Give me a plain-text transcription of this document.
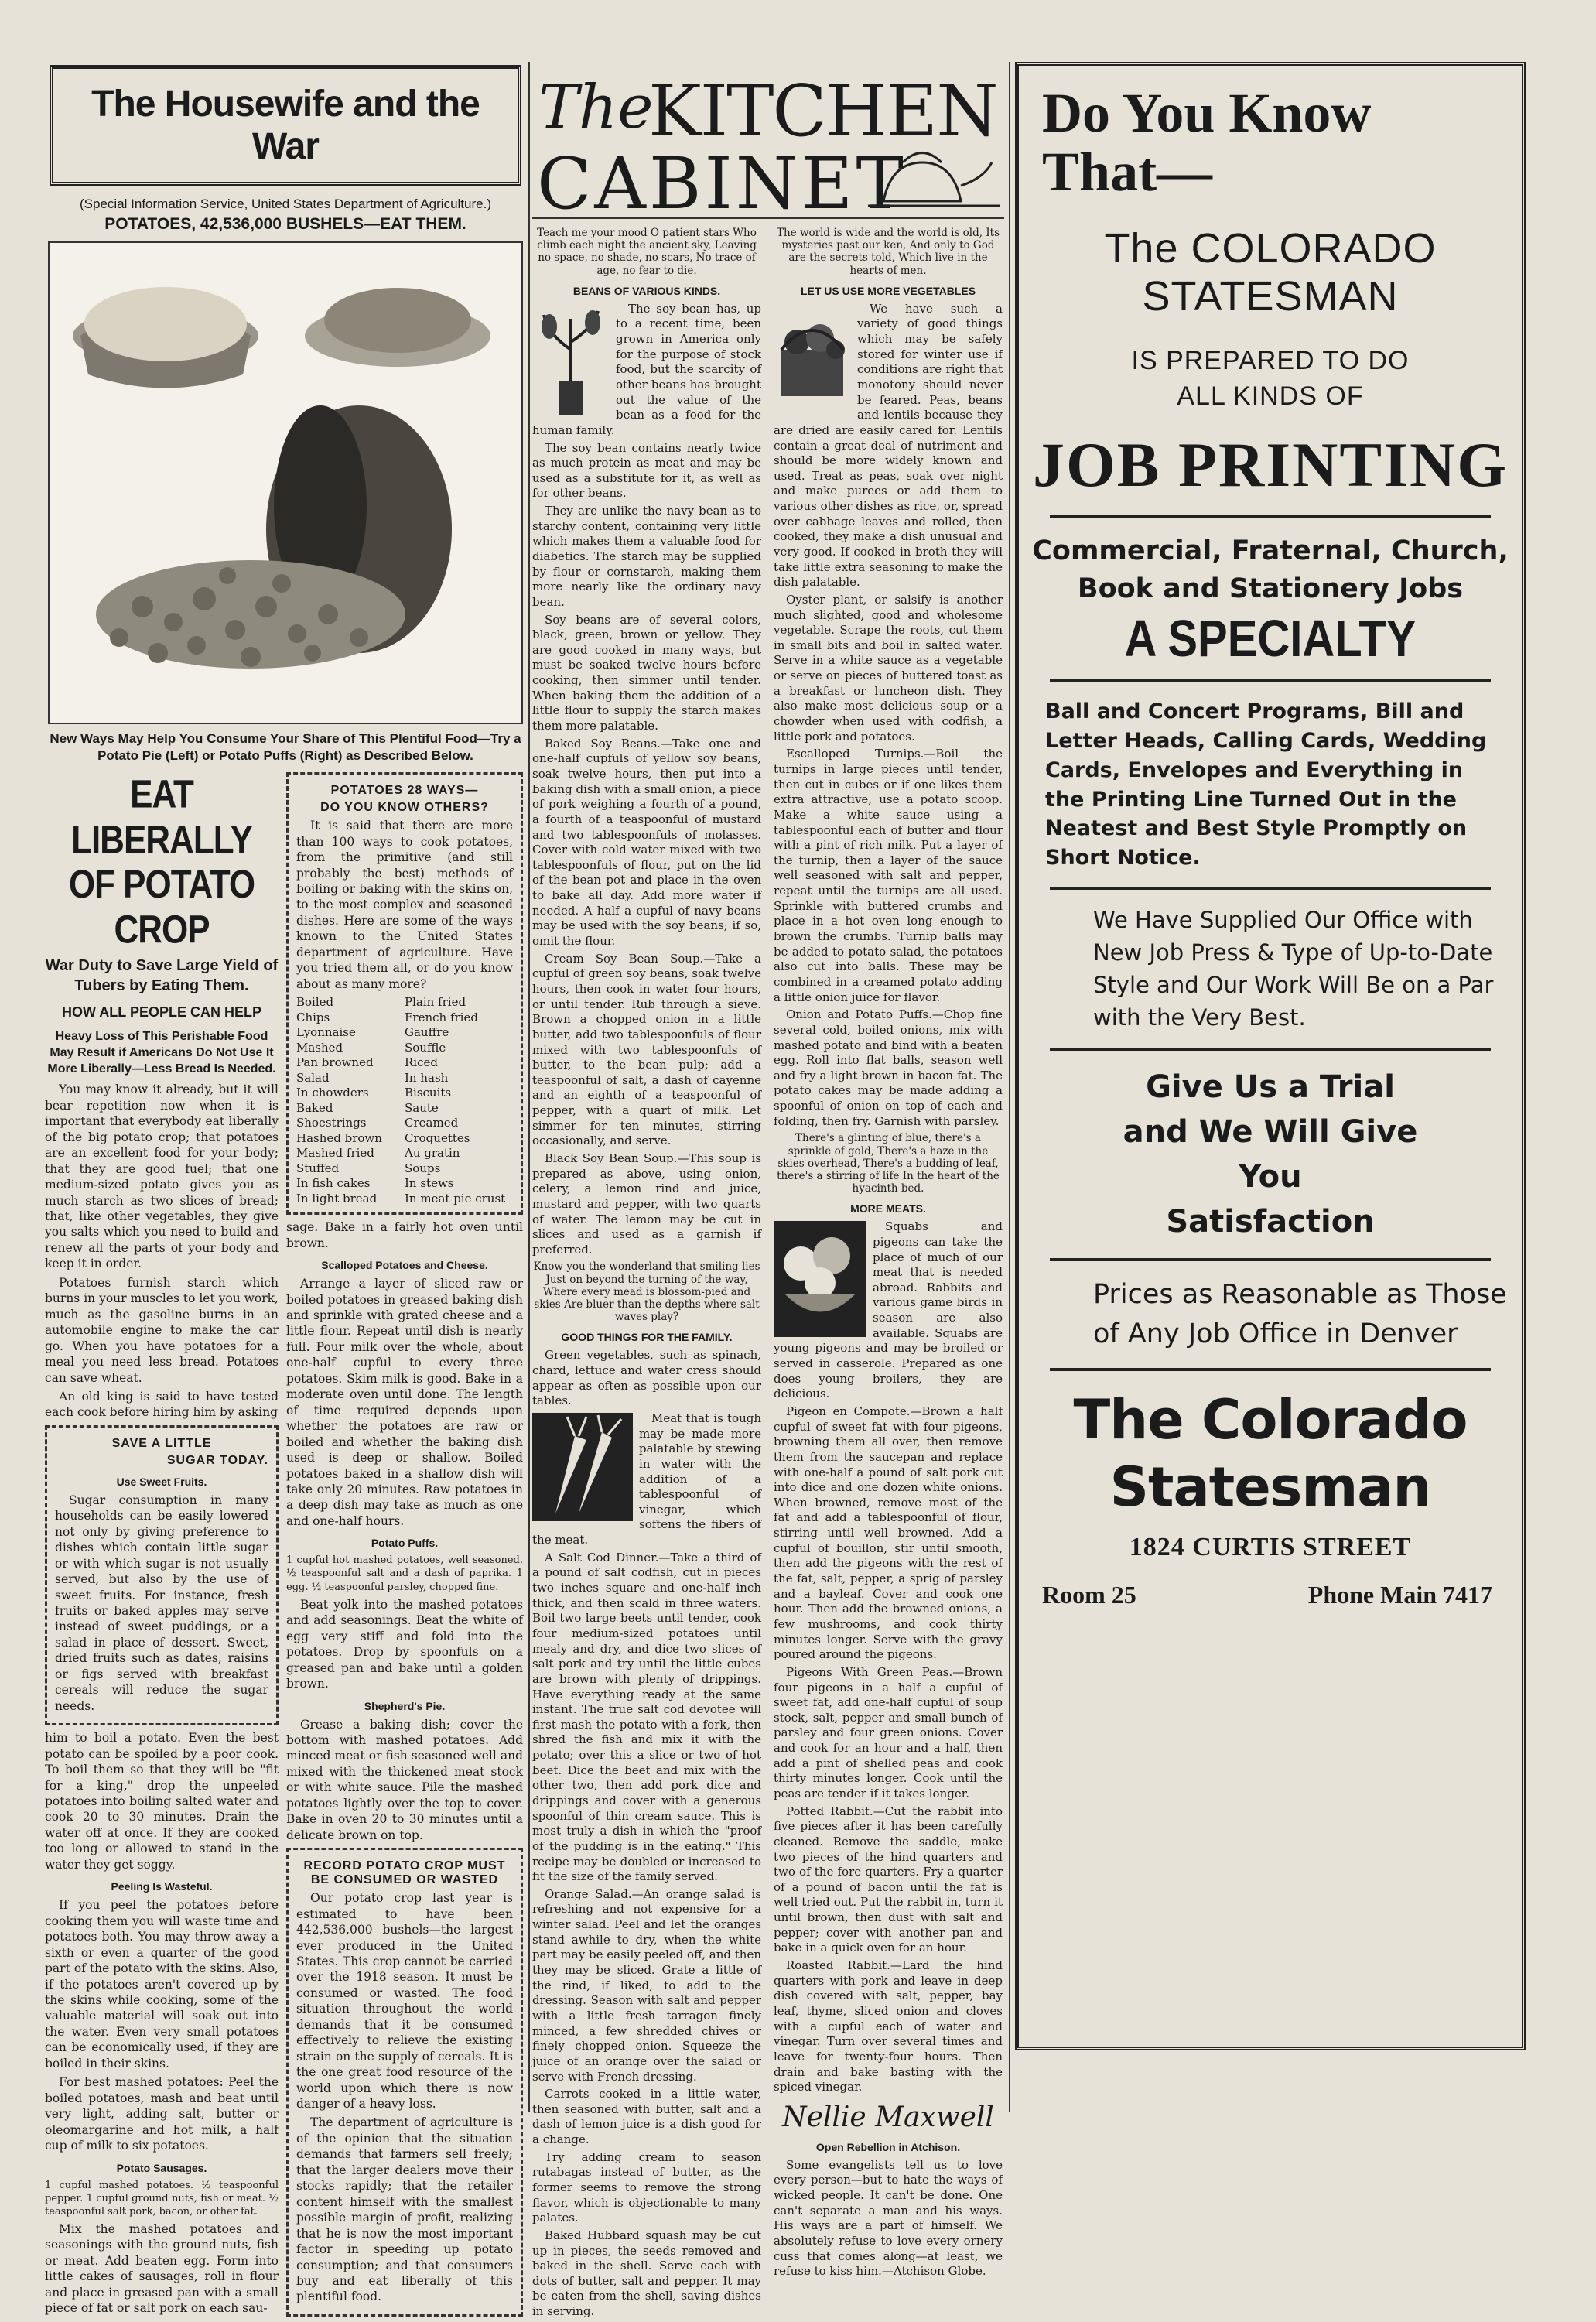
The Housewife and the War
(Special Information Service, United States Department of Agriculture.)
POTATOES, 42,536,000 BUSHELS—EAT THEM.
New Ways May Help You Consume Your Share of This Plentiful Food—Try a Potato Pie (Left) or Potato Puffs (Right) as Described Below.
EAT LIBERALLY OF POTATO CROP
War Duty to Save Large Yield of Tubers by Eating Them.
HOW ALL PEOPLE CAN HELP
Heavy Loss of This Perishable Food May Result if Americans Do Not Use It More Liberally—Less Bread Is Needed.

You may know it already, but it will bear repetition now when it is important that everybody eat liberally of the big potato crop; that potatoes are an excellent food for your body; that they are good fuel; that one medium-sized potato gives you as much starch as two slices of bread; that, like other vegetables, they give you salts which you need to build and renew all the parts of your body and keep it in order.

Potatoes furnish starch which burns in your muscles to let you work, much as the gasoline burns in an automobile engine to make the car go. When you have potatoes for a meal you need less bread. Potatoes can save wheat.

An old king is said to have tested each cook before hiring him by asking

SAVE A LITTLE
SUGAR TODAY.
Use Sweet Fruits.

Sugar consumption in many households can be easily lowered not only by giving preference to dishes which contain little sugar or with which sugar is not usually served, but also by the use of sweet fruits. For instance, fresh fruits or baked apples may serve instead of sweet puddings, or a salad in place of dessert. Sweet, dried fruits such as dates, raisins or figs served with breakfast cereals will reduce the sugar needs.

him to boil a potato. Even the best potato can be spoiled by a poor cook. To boil them so that they will be "fit for a king," drop the unpeeled potatoes into boiling salted water and cook 20 to 30 minutes. Drain the water off at once. If they are cooked too long or allowed to stand in the water they get soggy.

Peeling Is Wasteful.

If you peel the potatoes before cooking them you will waste time and potatoes both. You may throw away a sixth or even a quarter of the good part of the potato with the skins. Also, if the potatoes aren't covered up by the skins while cooking, some of the valuable material will soak out into the water. Even very small potatoes can be economically used, if they are boiled in their skins.

For best mashed potatoes: Peel the boiled potatoes, mash and beat until very light, adding salt, butter or oleomargarine and hot milk, a half cup of milk to six potatoes.

Potato Sausages.

1 cupful mashed potatoes. ½ teaspoonful pepper. 1 cupful ground nuts, fish or meat. ½ teaspoonful salt pork, bacon, or other fat.

Mix the mashed potatoes and seasonings with the ground nuts, fish or meat. Add beaten egg. Form into little cakes of sausages, roll in flour and place in greased pan with a small piece of fat or salt pork on each sau-

POTATOES 28 WAYS—
DO YOU KNOW OTHERS?

It is said that there are more than 100 ways to cook potatoes, from the primitive (and still probably the best) methods of boiling or baking with the skins on, to the most complex and seasoned dishes. Here are some of the ways known to the United States department of agriculture. Have you tried them all, or do you know about as many more?

Boiled	Plain fried
Chips	French fried
Lyonnaise	Gauffre
Mashed	Souffle
Pan browned	Riced
Salad	In hash
In chowders	Biscuits
Baked	Saute
Shoestrings	Creamed
Hashed brown	Croquettes
Mashed fried	Au gratin
Stuffed	Soups
In fish cakes	In stews
In light bread	In meat pie crust

sage. Bake in a fairly hot oven until brown.

Scalloped Potatoes and Cheese.

Arrange a layer of sliced raw or boiled potatoes in greased baking dish and sprinkle with grated cheese and a little flour. Repeat until dish is nearly full. Pour milk over the whole, about one-half cupful to every three potatoes. Skim milk is good. Bake in a moderate oven until done. The length of time required depends upon whether the potatoes are raw or boiled and whether the baking dish used is deep or shallow. Boiled potatoes baked in a shallow dish will take only 20 minutes. Raw potatoes in a deep dish may take as much as one and one-half hours.

Potato Puffs.

1 cupful hot mashed potatoes, well seasoned. ½ teaspoonful salt and a dash of paprika. 1 egg. ½ teaspoonful parsley, chopped fine.

Beat yolk into the mashed potatoes and add seasonings. Beat the white of egg very stiff and fold into the potatoes. Drop by spoonfuls on a greased pan and bake until a golden brown.

Shepherd's Pie.

Grease a baking dish; cover the bottom with mashed potatoes. Add minced meat or fish seasoned well and mixed with the thickened meat stock or with white sauce. Pile the mashed potatoes lightly over the top to cover. Bake in oven 20 to 30 minutes until a delicate brown on top.

RECORD POTATO CROP MUST BE CONSUMED OR WASTED

Our potato crop last year is estimated to have been 442,536,000 bushels—the largest ever produced in the United States. This crop cannot be carried over the 1918 season. It must be consumed or wasted. The food situation throughout the world demands that it be consumed effectively to relieve the existing strain on the supply of cereals. It is the one great food resource of the world upon which there is now danger of a heavy loss.

The department of agriculture is of the opinion that the situation demands that farmers sell freely; that the larger dealers move their stocks rapidly; that the retailer content himself with the smallest possible margin of profit, realizing that he is now the most important factor in speeding up potato consumption; and that consumers buy and eat liberally of this plentiful food.

The
KITCHEN
CABINET

Teach me your mood O patient stars Who climb each night the ancient sky, Leaving no space, no shade, no scars, No trace of age, no fear to die.

BEANS OF VARIOUS KINDS.

The soy bean has, up to a recent time, been grown in America only for the purpose of stock food, but the scarcity of other beans has brought out the value of the bean as a food for the human family.

The soy bean contains nearly twice as much protein as meat and may be used as a substitute for it, as well as for other beans.

They are unlike the navy bean as to starchy content, containing very little which makes them a valuable food for diabetics. The starch may be supplied by flour or cornstarch, making them more nearly like the ordinary navy bean.

Soy beans are of several colors, black, green, brown or yellow. They are good cooked in many ways, but must be soaked twelve hours before cooking, then simmer until tender. When baking them the addition of a little flour to supply the starch makes them more palatable.

Baked Soy Beans.—Take one and one-half cupfuls of yellow soy beans, soak twelve hours, then put into a baking dish with a small onion, a piece of pork weighing a fourth of a pound, a fourth of a teaspoonful of mustard and two tablespoonfuls of molasses. Cover with cold water mixed with two tablespoonfuls of flour, put on the lid of the bean pot and place in the oven to bake all day. Add more water if needed. A half a cupful of navy beans may be used with the soy beans; if so, omit the flour.

Cream Soy Bean Soup.—Take a cupful of green soy beans, soak twelve hours, then cook in water four hours, or until tender. Rub through a sieve. Brown a chopped onion in a little butter, add two tablespoonfuls of flour mixed with two tablespoonfuls of butter, to the bean pulp; add a teaspoonful of salt, a dash of cayenne and an eighth of a teaspoonful of pepper, with a quart of milk. Let simmer for ten minutes, stirring occasionally, and serve.

Black Soy Bean Soup.—This soup is prepared as above, using onion, celery, a lemon rind and juice, mustard and pepper, with two quarts of water. The lemon may be cut in slices and used as a garnish if preferred.

Know you the wonderland that smiling lies Just on beyond the turning of the way, Where every mead is blossom-pied and skies Are bluer than the depths where salt waves play?

GOOD THINGS FOR THE FAMILY.

Green vegetables, such as spinach, chard, lettuce and water cress should appear as often as possible upon our tables.

Meat that is tough may be made more palatable by stewing in water with the addition of a tablespoonful of vinegar, which softens the fibers of the meat.

A Salt Cod Dinner.—Take a third of a pound of salt codfish, cut in pieces two inches square and one-half inch thick, and then scald in three waters. Boil two large beets until tender, cook four medium-sized potatoes until mealy and dry, and dice two slices of salt pork and try until the little cubes are brown with plenty of drippings. Have everything ready at the same instant. The true salt cod devotee will first mash the potato with a fork, then shred the fish and mix it with the potato; over this a slice or two of hot beet. Dice the beet and mix with the other two, then add pork dice and drippings and cover with a generous spoonful of thin cream sauce. This is most truly a dish in which the "proof of the pudding is in the eating." This recipe may be doubled or increased to fit the size of the family served.

Orange Salad.—An orange salad is refreshing and not expensive for a winter salad. Peel and let the oranges stand awhile to dry, when the white part may be easily peeled off, and then they may be sliced. Grate a little of the rind, if liked, to add to the dressing. Season with salt and pepper with a little fresh tarragon finely minced, a few shredded chives or finely chopped onion. Squeeze the juice of an orange over the salad or serve with French dressing.

Carrots cooked in a little water, then seasoned with butter, salt and a dash of lemon juice is a dish good for a change.

Try adding cream to season rutabagas instead of butter, as the former seems to remove the strong flavor, which is objectionable to many palates.

Baked Hubbard squash may be cut up in pieces, the seeds removed and baked in the shell. Serve each with dots of butter, salt and pepper. It may be eaten from the shell, saving dishes in serving.

The world is wide and the world is old, Its mysteries past our ken, And only to God are the secrets told, Which live in the hearts of men.

LET US USE MORE VEGETABLES

We have such a variety of good things which may be safely stored for winter use if conditions are right that monotony should never be feared. Peas, beans and lentils because they are dried are easily cared for. Lentils contain a great deal of nutriment and should be more widely known and used. Treat as peas, soak over night and make purees or add them to various other dishes as rice, or, spread over cabbage leaves and rolled, then cooked, they make a dish unusual and very good. If cooked in broth they will take little extra seasoning to make the dish palatable.

Oyster plant, or salsify is another much slighted, good and wholesome vegetable. Scrape the roots, cut them in small bits and boil in salted water. Serve in a white sauce as a vegetable or serve on pieces of buttered toast as a breakfast or luncheon dish. They also make most delicious soup or a chowder when used with codfish, a little pork and potatoes.

Escalloped Turnips.—Boil the turnips in large pieces until tender, then cut in cubes or if one likes them extra attractive, use a potato scoop. Make a white sauce using a tablespoonful each of butter and flour with a pint of rich milk. Put a layer of the turnip, then a layer of the sauce well seasoned with salt and pepper, repeat until the turnips are all used. Sprinkle with buttered crumbs and place in a hot oven long enough to brown the crumbs. Turnip balls may be added to potato salad, the potatoes also cut into balls. These may be combined in a creamed potato adding a little onion juice for flavor.

Onion and Potato Puffs.—Chop fine several cold, boiled onions, mix with mashed potato and bind with a beaten egg. Roll into flat balls, season well and fry a light brown in bacon fat. The potato cakes may be made adding a spoonful of onion on top of each and folding, then fry. Garnish with parsley.

There's a glinting of blue, there's a sprinkle of gold, There's a haze in the skies overhead, There's a budding of leaf, there's a stirring of life In the heart of the hyacinth bed.

MORE MEATS.

Squabs and pigeons can take the place of much of our meat that is needed abroad. Rabbits and various game birds in season are also available. Squabs are young pigeons and may be broiled or served in casserole. Prepared as one does young broilers, they are delicious.

Pigeon en Compote.—Brown a half cupful of sweet fat with four pigeons, browning them all over, then remove them from the saucepan and replace with one-half a pound of salt pork cut into dice and one dozen white onions. When browned, remove most of the fat and add a tablespoonful of flour, stirring until well browned. Add a cupful of bouillon, stir until smooth, then add the pigeons with the rest of the fat, salt, pepper, a sprig of parsley and a bayleaf. Cover and cook one hour. Then add the browned onions, a few mushrooms, and cook thirty minutes longer. Serve with the gravy poured around the pigeons.

Pigeons With Green Peas.—Brown four pigeons in a half a cupful of sweet fat, add one-half cupful of soup stock, salt, pepper and small bunch of parsley and four green onions. Cover and cook for an hour and a half, then add a pint of shelled peas and cook thirty minutes longer. Cook until the peas are tender if it takes longer.

Potted Rabbit.—Cut the rabbit into five pieces after it has been carefully cleaned. Remove the saddle, make two pieces of the hind quarters and two of the fore quarters. Fry a quarter of a pound of bacon until the fat is well tried out. Put the rabbit in, turn it until brown, then dust with salt and pepper; cover with another pan and bake in a quick oven for an hour.

Roasted Rabbit.—Lard the hind quarters with pork and leave in deep dish covered with salt, pepper, bay leaf, thyme, sliced onion and cloves with a cupful each of water and vinegar. Turn over several times and leave for twenty-four hours. Then drain and bake basting with the spiced vinegar.

Nellie Maxwell
Open Rebellion in Atchison.

Some evangelists tell us to love every person—but to hate the ways of wicked people. It can't be done. One can't separate a man and his ways. His ways are a part of himself. We absolutely refuse to love every ornery cuss that comes along—at least, we refuse to kiss him.—Atchison Globe.

Do You Know
That—
The COLORADO
STATESMAN
IS PREPARED TO DO
ALL KINDS OF
JOB PRINTING
Commercial, Fraternal, Church, Book and Stationery Jobs
A SPECIALTY
Ball and Concert Programs, Bill and Letter Heads, Calling Cards, Wedding Cards, Envelopes and Everything in the Printing Line Turned Out in the Neatest and Best Style Promptly on Short Notice.
We Have Supplied Our Office with New Job Press & Type of Up-to-Date Style and Our Work Will Be on a Par with the Very Best.
Give Us a Trial
and We Will Give
You
Satisfaction
Prices as Reasonable as Those of Any Job Office in Denver
The Colorado
Statesman
1824 CURTIS STREET
Room 25	Phone Main 7417
